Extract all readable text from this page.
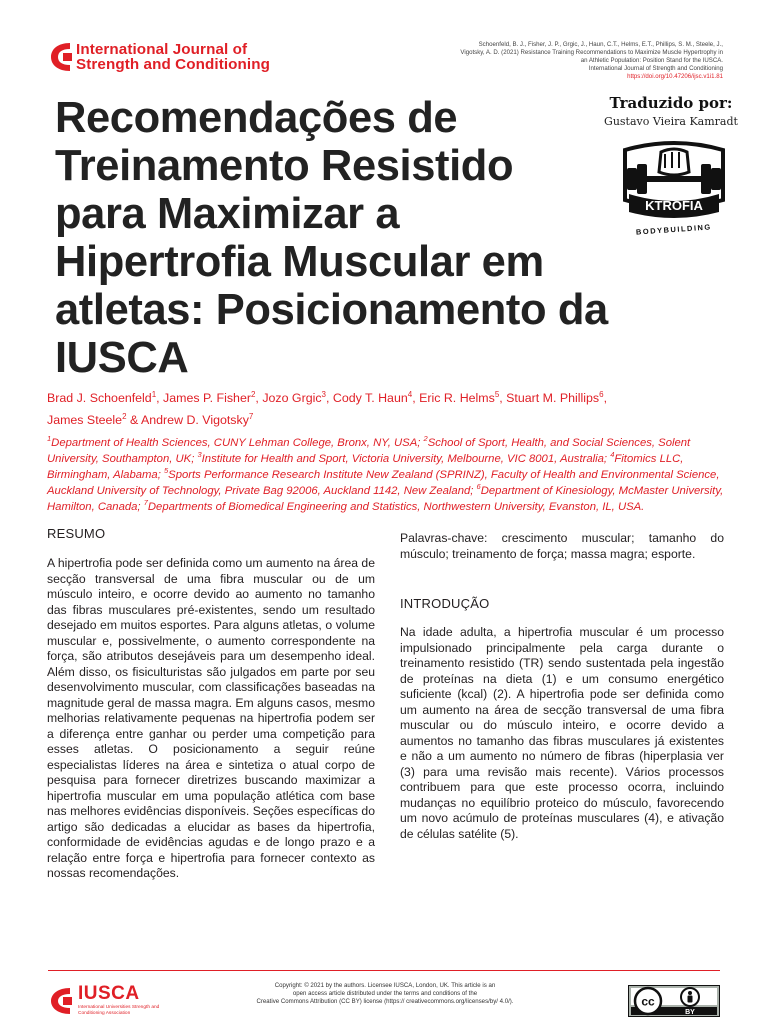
International Journal of
Strength and Conditioning
Schoenfeld, B. J., Fisher, J. P., Grgic, J., Haun, C.T., Helms, E.T., Phillips, S. M., Steele, J.,
Vigotsky, A. D. (2021) Resistance Training Recommendations to Maximize Muscle Hypertrophy in
an Athletic Population: Position Stand for the IUSCA.
International Journal of Strength and Conditioning
https://doi.org/10.47206/ijsc.v1i1.81
Recomendações de Treinamento Resistido para Maximizar a Hipertrofia Muscular em atletas: Posicionamento da IUSCA
Traduzido por:
Gustavo Vieira Kamradt
KTROFIA
BODYBUILDING
Brad J. Schoenfeld$^1$, James P. Fisher$^2$, Jozo Grgic$^3$, Cody T. Haun$^4$, Eric R. Helms$^5$, Stuart M. Phillips$^6$,
James Steele$^2$ & Andrew D. Vigotsky$^7$
$^1$Department of Health Sciences, CUNY Lehman College, Bronx, NY, USA; $^2$School of Sport, Health, and Social Sciences, Solent University, Southampton, UK; $^3$Institute for Health and Sport, Victoria University, Melbourne, VIC 8001, Australia; $^4$Fitomics LLC, Birmingham, Alabama; $^5$Sports Performance Research Institute New Zealand (SPRINZ), Faculty of Health and Environmental Science, Auckland University of Technology, Private Bag 92006, Auckland 1142, New Zealand; $^6$Department of Kinesiology, McMaster University, Hamilton, Canada; $^7$Departments of Biomedical Engineering and Statistics, Northwestern University, Evanston, IL, USA.
RESUMO
A hipertrofia pode ser definida como um aumento na área de secção transversal de uma fibra muscular ou de um músculo inteiro, e ocorre devido ao aumento no tamanho das fibras musculares pré-existentes, sendo um resultado desejado em muitos esportes. Para alguns atletas, o volume muscular e, possivelmente, o aumento correspondente na força, são atributos desejáveis para um desempenho ideal. Além disso, os fisiculturistas são julgados em parte por seu desenvolvimento muscular, com classificações baseadas na magnitude geral de massa magra. Em alguns casos, mesmo melhorias relativamente pequenas na hipertrofia podem ser a diferença entre ganhar ou perder uma competição para esses atletas. O posicionamento a seguir reúne especialistas líderes na área e sintetiza o atual corpo de pesquisa para fornecer diretrizes buscando maximizar a hipertrofia muscular em uma população atlética com base nas melhores evidências disponíveis. Seções específicas do artigo são dedicadas a elucidar as bases da hipertrofia, conformidade de evidências agudas e de longo prazo e a relação entre força e hipertrofia para fornecer contexto as nossas recomendações.
Palavras-chave: crescimento muscular; tamanho do músculo; treinamento de força; massa magra; esporte.
INTRODUÇÃO
Na idade adulta, a hipertrofia muscular é um processo impulsionado principalmente pela carga durante o treinamento resistido (TR) sendo sustentada pela ingestão de proteínas na dieta (1) e um consumo energético suficiente (kcal) (2). A hipertrofia pode ser definida como um aumento na área de secção transversal de uma fibra muscular ou do músculo inteiro, e ocorre devido a aumentos no tamanho das fibras musculares já existentes e não a um aumento no número de fibras (hiperplasia ver (3) para uma revisão mais recente). Vários processos contribuem para que este processo ocorra, incluindo mudanças no equilíbrio proteico do músculo, favorecendo um novo acúmulo de proteínas musculares (4), e ativação de células satélite (5).
IUSCA
International Universities Strength and Conditioning Association
Copyright: © 2021 by the authors. Licensee IUSCA, London, UK. This article is an
open access article distributed under the terms and conditions of the
Creative Commons Attribution (CC BY) license (https:// creativecommons.org/licenses/by/ 4.0/).	cc
BY
